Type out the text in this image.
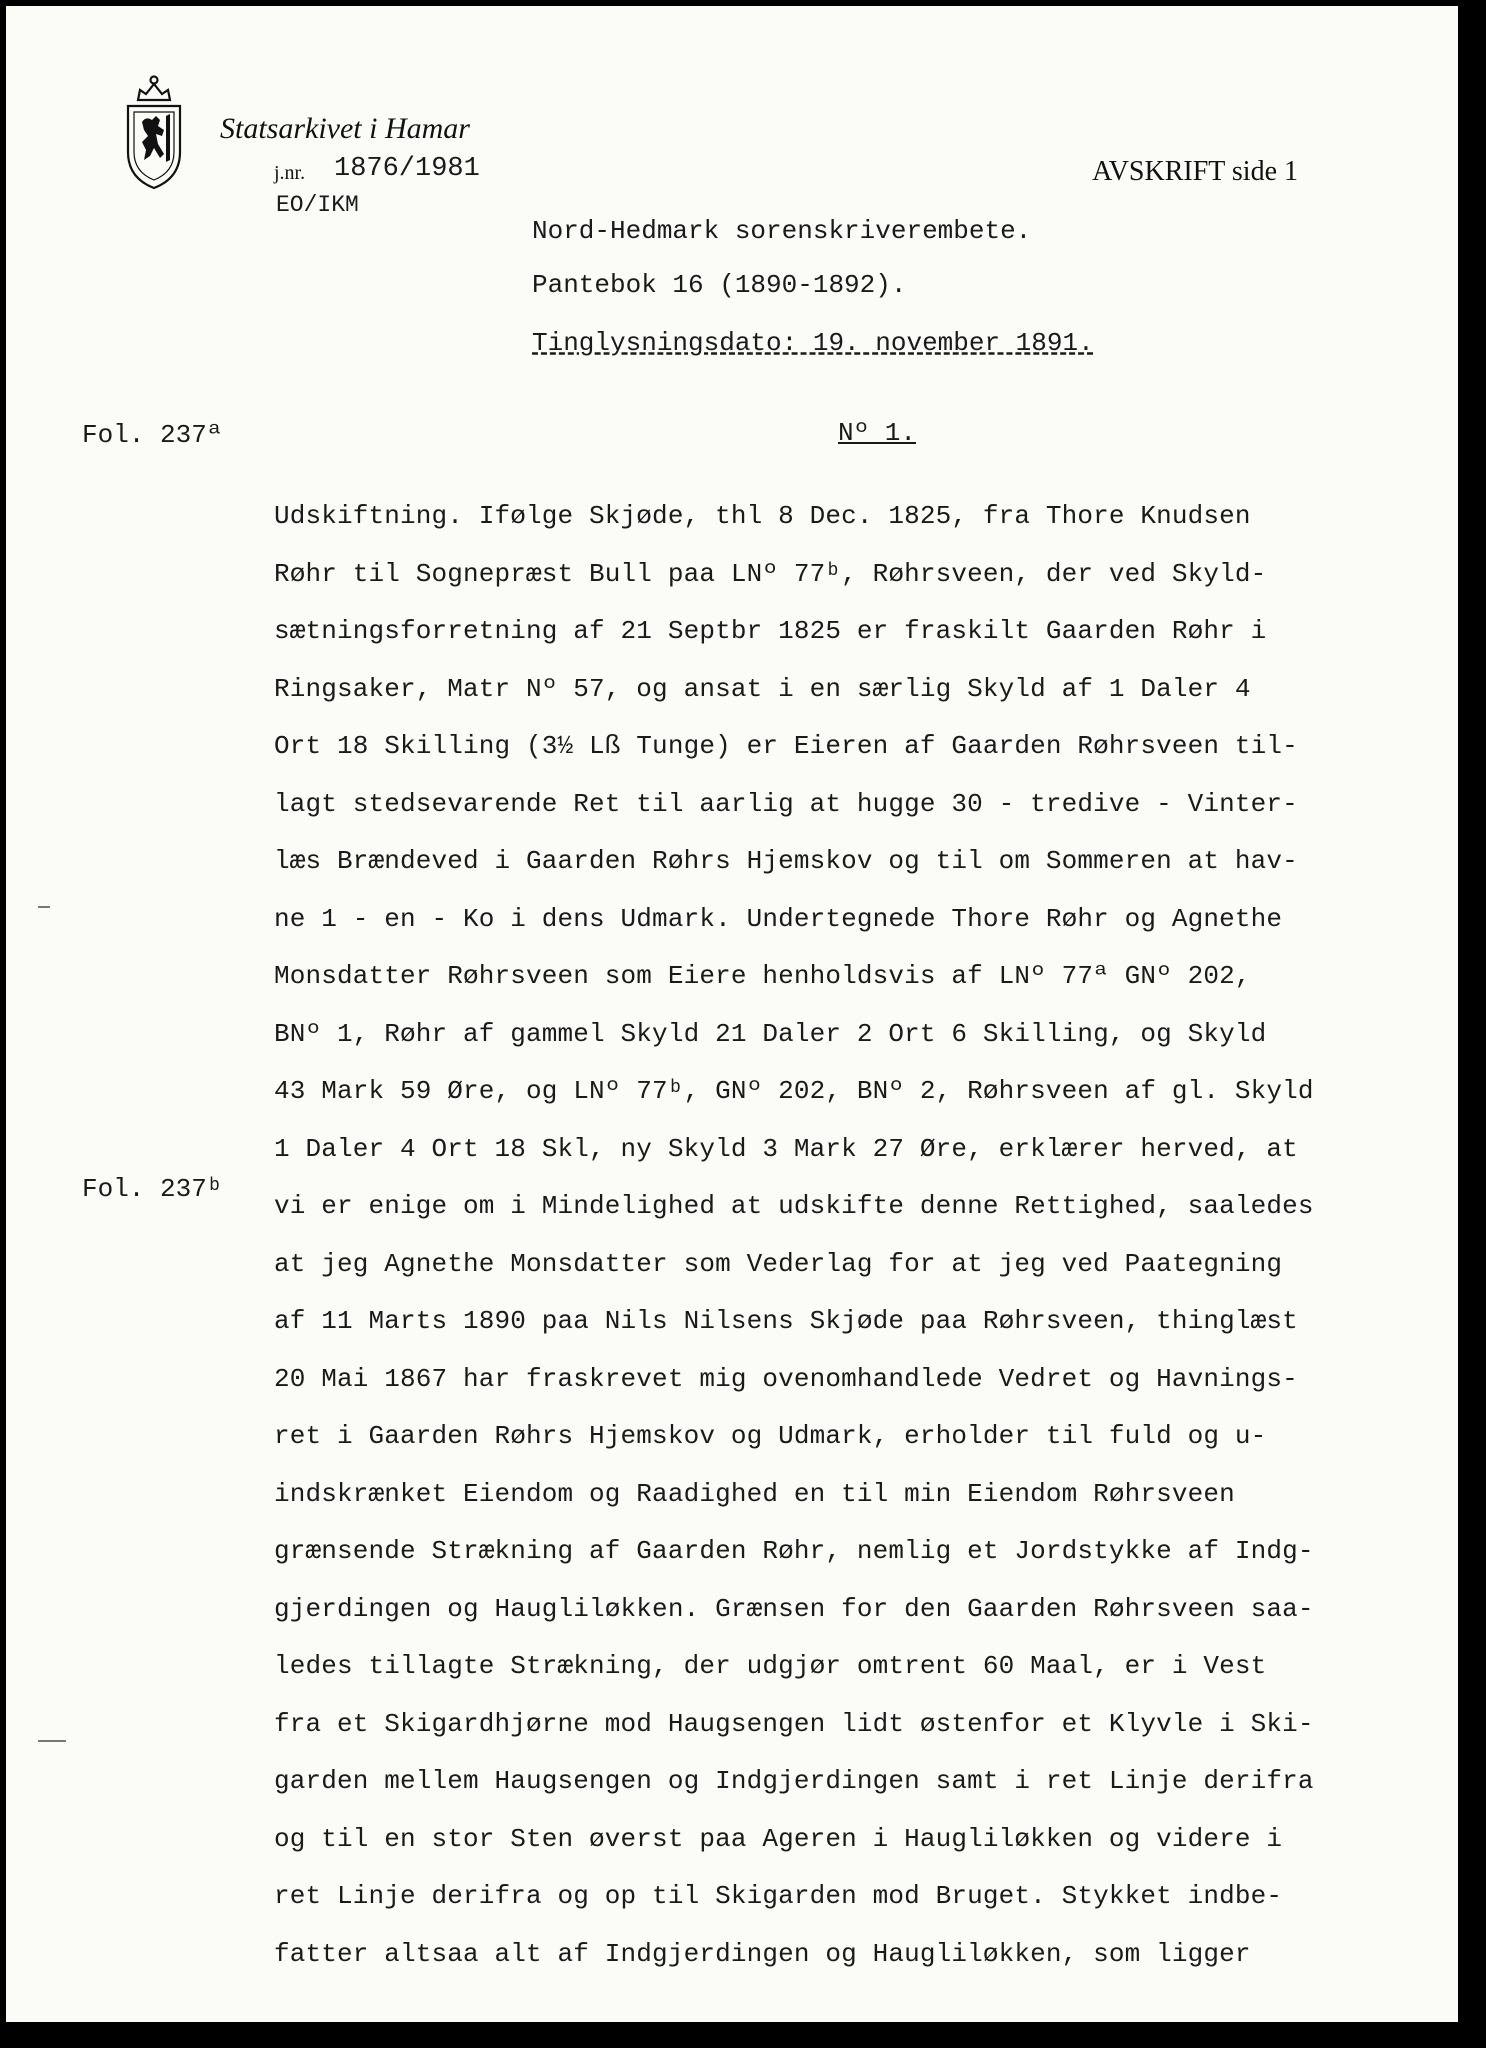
Statsarkivet i Hamar
j.nr. 1876/1981
EO/IKM
AVSKRIFT side 1
Nord-Hedmark sorenskriverembete.
Pantebok 16 (1890-1892).
Tinglysningsdato: 19. november 1891.
Fol. 237ª	Nº 1.
Fol. 237ᵇ
Udskiftning. Ifølge Skjøde, thl 8 Dec. 1825, fra Thore Knudsen
Røhr til Sognepræst Bull paa LNº 77ᵇ, Røhrsveen, der ved Skyld-
sætningsforretning af 21 Septbr 1825 er fraskilt Gaarden Røhr i
Ringsaker, Matr Nº 57, og ansat i en særlig Skyld af 1 Daler 4
Ort 18 Skilling (3½ Lß Tunge) er Eieren af Gaarden Røhrsveen til-
lagt stedsevarende Ret til aarlig at hugge 30 - tredive - Vinter-
læs Brændeved i Gaarden Røhrs Hjemskov og til om Sommeren at hav-
ne 1 - en - Ko i dens Udmark. Undertegnede Thore Røhr og Agnethe
Monsdatter Røhrsveen som Eiere henholdsvis af LNº 77ª GNº 202,
BNº 1, Røhr af gammel Skyld 21 Daler 2 Ort 6 Skilling, og Skyld
43 Mark 59 Øre, og LNº 77ᵇ, GNº 202, BNº 2, Røhrsveen af gl. Skyld
1 Daler 4 Ort 18 Skl, ny Skyld 3 Mark 27 Øre, erklærer herved, at
vi er enige om i Mindelighed at udskifte denne Rettighed, saaledes
at jeg Agnethe Monsdatter som Vederlag for at jeg ved Paategning
af 11 Marts 1890 paa Nils Nilsens Skjøde paa Røhrsveen, thinglæst
20 Mai 1867 har fraskrevet mig ovenomhandlede Vedret og Havnings-
ret i Gaarden Røhrs Hjemskov og Udmark, erholder til fuld og u-
indskrænket Eiendom og Raadighed en til min Eiendom Røhrsveen
grænsende Strækning af Gaarden Røhr, nemlig et Jordstykke af Indg-
gjerdingen og Haugliløkken. Grænsen for den Gaarden Røhrsveen saa-
ledes tillagte Strækning, der udgjør omtrent 60 Maal, er i Vest
fra et Skigardhjørne mod Haugsengen lidt østenfor et Klyvle i Ski-
garden mellem Haugsengen og Indgjerdingen samt i ret Linje derifra
og til en stor Sten øverst paa Ageren i Haugliløkken og videre i
ret Linje derifra og op til Skigarden mod Bruget. Stykket indbe-
fatter altsaa alt af Indgjerdingen og Haugliløkken, som ligger
